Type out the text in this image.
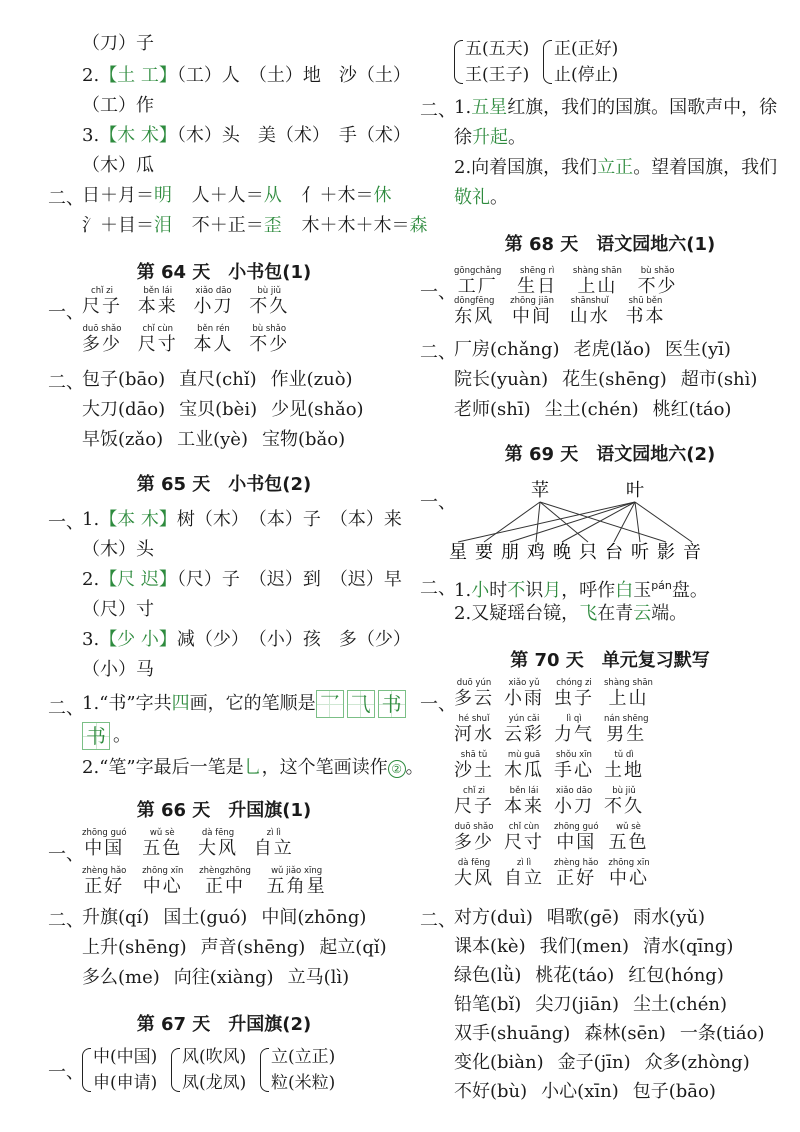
（刀）子
2.【土 工】（工）人　（土）地　沙（土）
（工）作
3.【木 术】（木）头　美（术）　手（术）
（木）瓜
二、
日＋月＝明 人＋人＝从 亻＋木＝休
氵＋目＝泪 不＋正＝歪 木＋木＋木＝森
第 64 天　小书包(1)
一、
chǐ zi
尺子

běn lái
本来

xiǎo dāo
小刀

bù jiǔ
不久
duō shǎo
多少

chǐ cùn
尺寸

běn rén
本人

bù shǎo
不少
二、
包子(bāo) 直尺(chǐ) 作业(zuò)
大刀(dāo) 宝贝(bèi) 少见(shǎo)
早饭(zǎo) 工业(yè) 宝物(bǎo)
第 65 天　小书包(2)
一、
1.【本 木】树（木）　（本）子　（本）来
（木）头
2.【尺 迟】（尺）子　（迟）到　（迟）早
（尺）寸
3.【少 小】减（少）　（小）孩　多（少）
（小）马
二、
1.“书”字共四画，它的笔顺是 乛 ⺄ 书
书 。
2.“笔”字最后一笔是乚，这个笔画读作 ② 。
第 66 天　升国旗(1)
一、
zhōng guó
中国

wǔ sè
五色

dà fēng
大风

zì lì
自立
zhèng hǎo
正好

zhōng xīn
中心

zhèngzhōng
正中

wǔ jiǎo xīng
五角星
二、
升旗(qí) 国土(guó) 中间(zhōng)
上升(shēng) 声音(shēng) 起立(qǐ)
多么(me) 向往(xiàng) 立马(lì)
第 67 天　升国旗(2)
一、
中(中国)
申(申请) 风(吹风)
凤(龙凤) 立(立正)
粒(米粒)
五(五天)
王(王子) 正(正好)
止(停止)
二、
1.五星红旗，我们的国旗。国歌声中，徐
徐升起。
2.向着国旗，我们立正。望着国旗，我们
敬礼。
第 68 天　语文园地六(1)
一、
gōngchǎng
工厂

shēng rì
生日

shàng shān
上山

bù shǎo
不少
dōngfēng
东风

zhōng jiān
中间

shānshuǐ
山水

shū běn
书本
二、
厂房(chǎng) 老虎(lǎo) 医生(yī)
院长(yuàn) 花生(shēng) 超市(shì)
老师(shī) 尘土(chén) 桃红(táo)
第 69 天　语文园地六(2)
一、
苹	叶
星 要 朋 鸡 晚 只 台 听 影 音
二、
1.小时不识月，呼作白玉$^{pán}$盘。
2.又疑瑶台镜，飞在青云端。
第 70 天　单元复习默写
一、
duō yún
多云
xiǎo yǔ
小雨
chóng zi
虫子
shàng shān
上山
hé shuǐ
河水
yún cǎi
云彩
lì qì
力气
nán shēng
男生
shā tǔ
沙土
mù guā
木瓜
shǒu xīn
手心
tǔ dì
土地
chǐ zi
尺子
běn lái
本来
xiǎo dāo
小刀
bù jiǔ
不久
duō shǎo
多少
chǐ cùn
尺寸
zhōng guó
中国
wǔ sè
五色
dà fēng
大风
zì lì
自立
zhèng hǎo
正好
zhōng xīn
中心
二、
对方(duì) 唱歌(gē) 雨水(yǔ)
课本(kè) 我们(men) 清水(qīng)
绿色(lǜ) 桃花(táo) 红包(hóng)
铅笔(bǐ) 尖刀(jiān) 尘土(chén)
双手(shuāng) 森林(sēn) 一条(tiáo)
变化(biàn) 金子(jīn) 众多(zhòng)
不好(bù) 小心(xīn) 包子(bāo)
